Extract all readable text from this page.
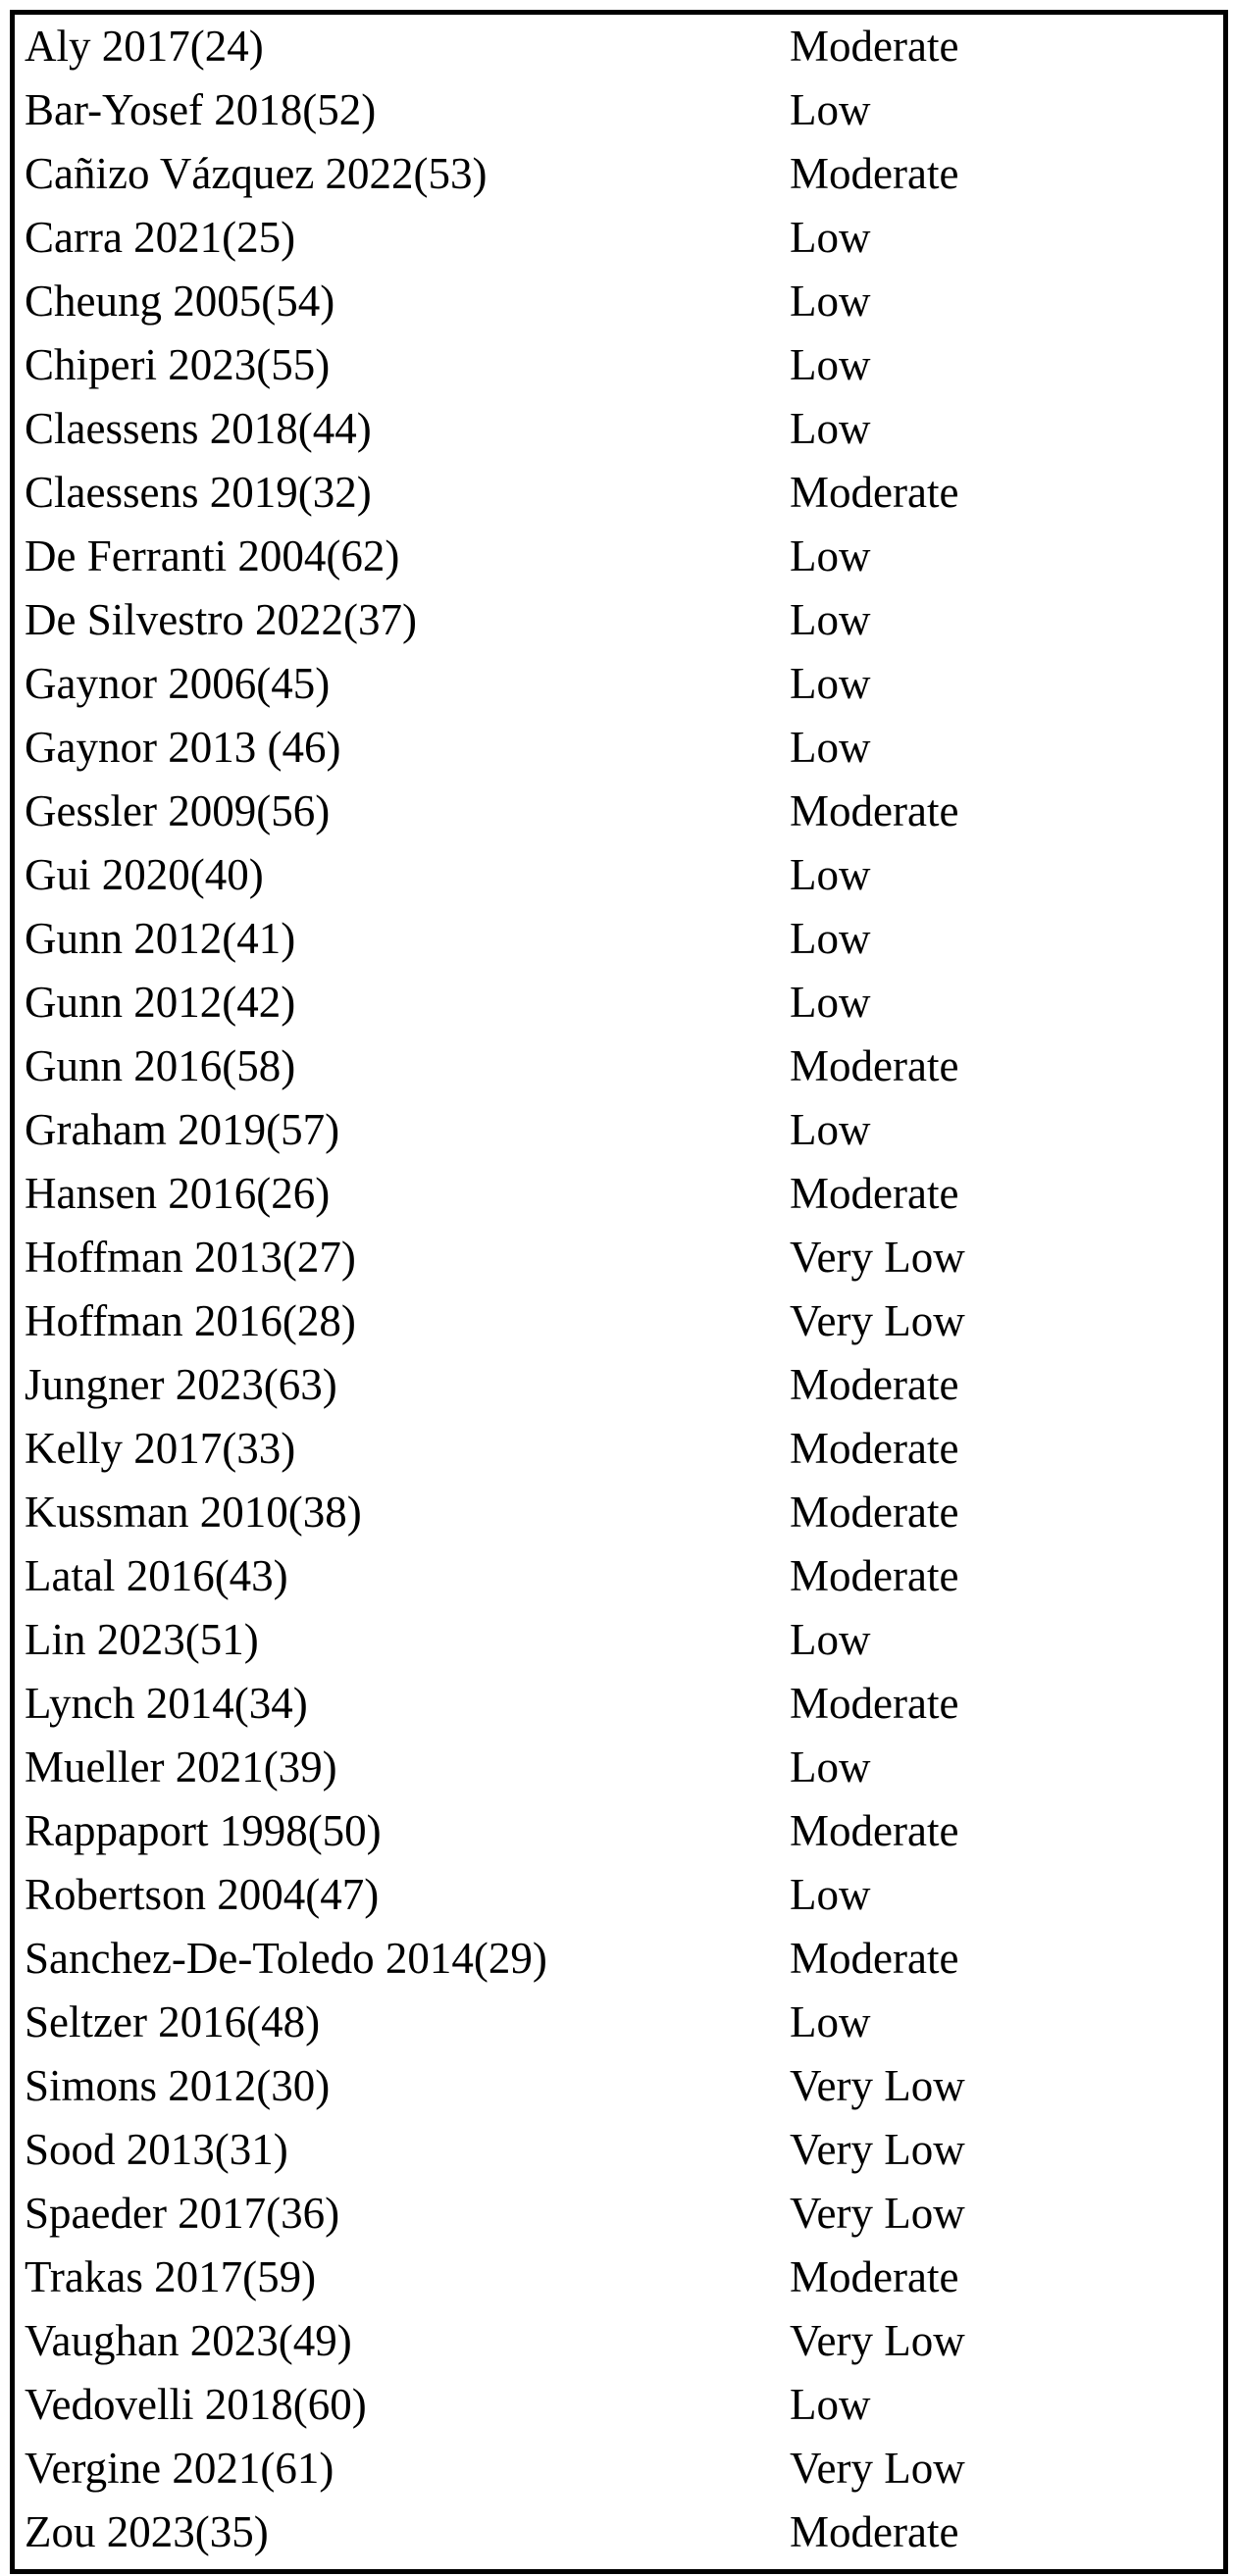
Aly 2017(24)	Moderate
Bar-Yosef 2018(52)	Low
Cañizo Vázquez 2022(53)	Moderate
Carra 2021(25)	Low
Cheung 2005(54)	Low
Chiperi 2023(55)	Low
Claessens 2018(44)	Low
Claessens 2019(32)	Moderate
De Ferranti 2004(62)	Low
De Silvestro 2022(37)	Low
Gaynor 2006(45)	Low
Gaynor 2013 (46)	Low
Gessler 2009(56)	Moderate
Gui 2020(40)	Low
Gunn 2012(41)	Low
Gunn 2012(42)	Low
Gunn 2016(58)	Moderate
Graham 2019(57)	Low
Hansen 2016(26)	Moderate
Hoffman 2013(27)	Very Low
Hoffman 2016(28)	Very Low
Jungner 2023(63)	Moderate
Kelly 2017(33)	Moderate
Kussman 2010(38)	Moderate
Latal 2016(43)	Moderate
Lin 2023(51)	Low
Lynch 2014(34)	Moderate
Mueller 2021(39)	Low
Rappaport 1998(50)	Moderate
Robertson 2004(47)	Low
Sanchez-De-Toledo 2014(29)	Moderate
Seltzer 2016(48)	Low
Simons 2012(30)	Very Low
Sood 2013(31)	Very Low
Spaeder 2017(36)	Very Low
Trakas 2017(59)	Moderate
Vaughan 2023(49)	Very Low
Vedovelli 2018(60)	Low
Vergine 2021(61)	Very Low
Zou 2023(35)	Moderate
